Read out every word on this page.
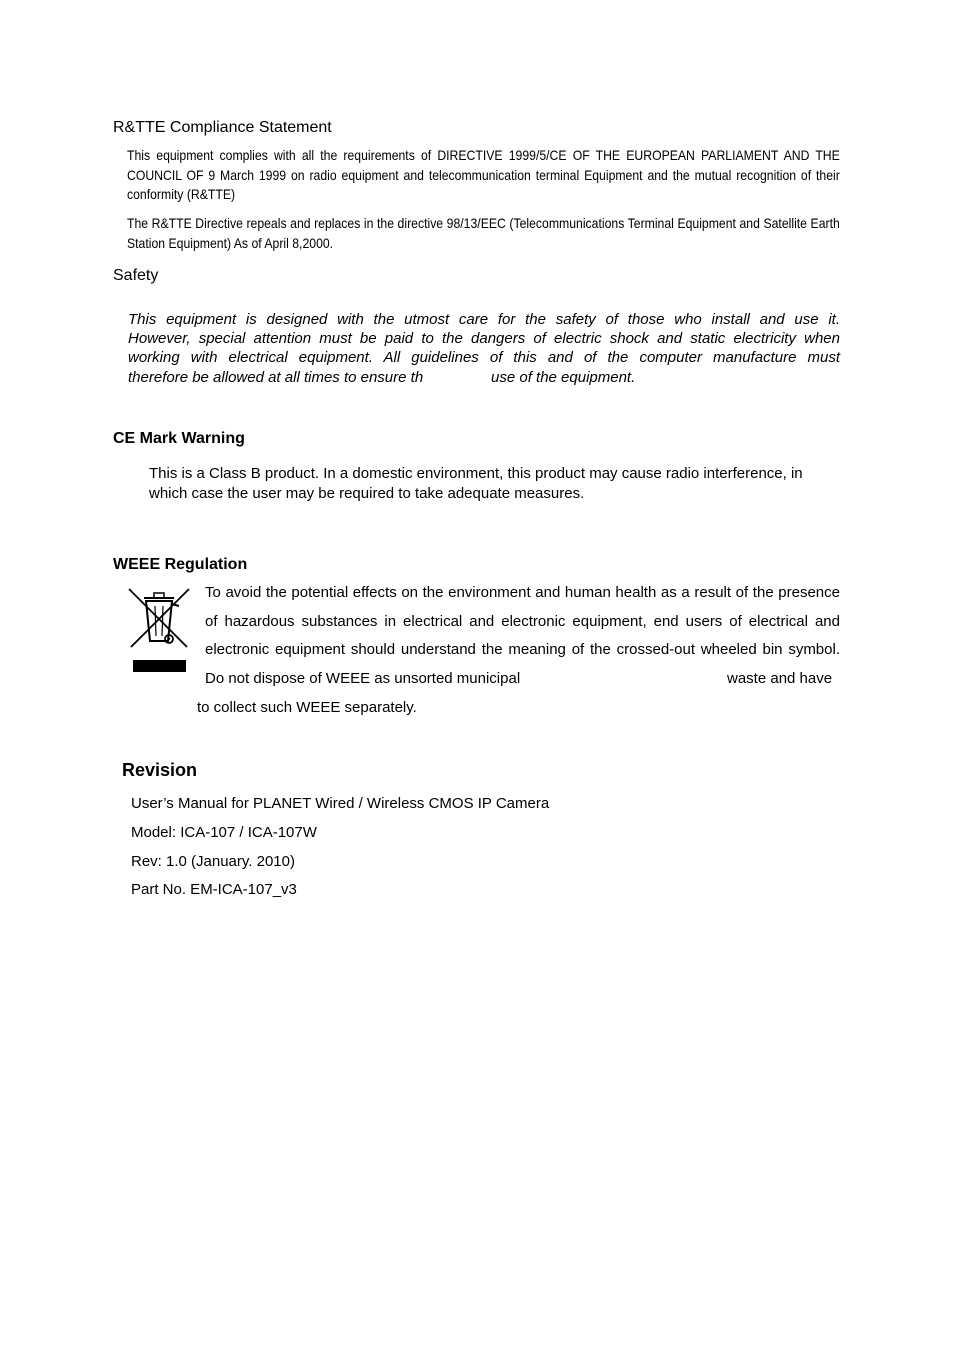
R&TTE Compliance Statement
This equipment complies with all the requirements of DIRECTIVE 1999/5/CE OF THE EUROPEAN PARLIAMENT AND THE COUNCIL OF 9 March 1999 on radio equipment and telecommunication terminal Equipment and the mutual recognition of their conformity (R&TTE)
The R&TTE Directive repeals and replaces in the directive 98/13/EEC (Telecommunications Terminal Equipment and Satellite Earth Station Equipment) As of April 8,2000.
Safety
This equipment is designed with the utmost care for the safety of those who install and use it.
However, special attention must be paid to the dangers of electric shock and static electricity when
working with electrical equipment. All guidelines of this and of the computer manufacture must
therefore be allowed at all times to ensure th	use of the equipment.
CE Mark Warning
This is a Class B product. In a domestic environment, this product may cause radio interference, in which case the user may be required to take adequate measures.
WEEE Regulation
To avoid the potential effects on the environment and human health as a result of the presence of hazardous substances in electrical and electronic equipment, end users of electrical and electronic equipment should understand the meaning of the crossed-out wheeled bin symbol. Do not dispose of WEEE as unsorted municipal	waste and have
to collect such WEEE separately.
Revision
User’s Manual for PLANET Wired / Wireless CMOS IP Camera
Model: ICA-107 / ICA-107W
Rev: 1.0 (January. 2010)
Part No. EM-ICA-107_v3
